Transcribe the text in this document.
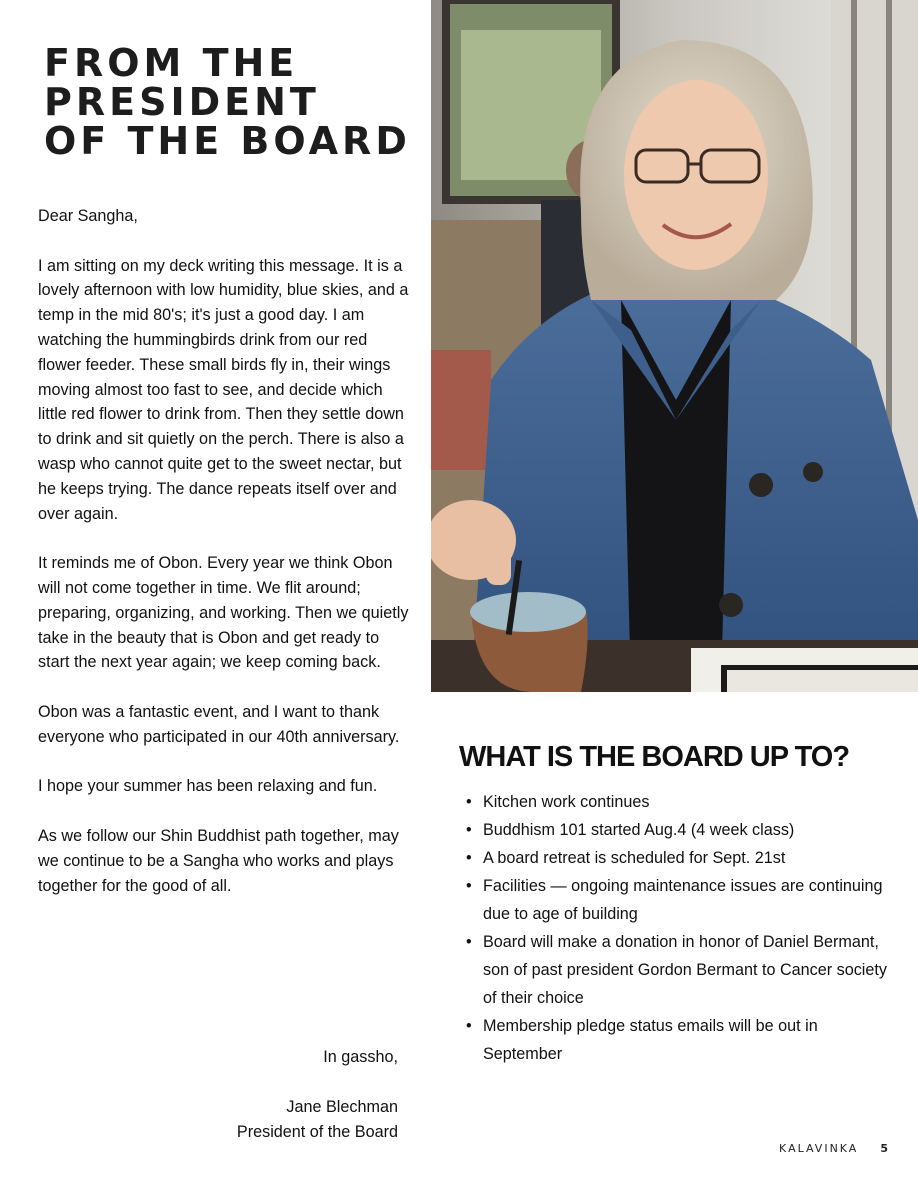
FROM THE
PRESIDENT
OF THE BOARD

Dear Sangha,

I am sitting on my deck writing this message. It is a lovely afternoon with low humidity, blue skies, and a temp in the mid 80's; it's just a good day. I am watching the hummingbirds drink from our red flower feeder. These small birds fly in, their wings moving almost too fast to see, and decide which little red flower to drink from. Then they settle down to drink and sit quietly on the perch. There is also a wasp who cannot quite get to the sweet nectar, but he keeps trying. The dance repeats itself over and over again.

It reminds me of Obon. Every year we think Obon will not come together in time. We flit around; preparing, organizing, and working. Then we quietly take in the beauty that is Obon and get ready to start the next year again; we keep coming back.

Obon was a fantastic event, and I want to thank everyone who participated in our 40th anniversary.

I hope your summer has been relaxing and fun.

As we follow our Shin Buddhist path together, may we continue to be a Sangha who works and plays together for the good of all.

In gassho,
Jane Blechman
President of the Board
WHAT IS THE BOARD UP TO?
• Kitchen work continues
• Buddhism 101 started Aug.4 (4 week class)
• A board retreat is scheduled for Sept. 21st
• Facilities — ongoing maintenance issues are continuing due to age of building
• Board will make a donation in honor of Daniel Bermant, son of past president Gordon Bermant to Cancer society of their choice
• Membership pledge status emails will be out in September
KALAVINKA 5
